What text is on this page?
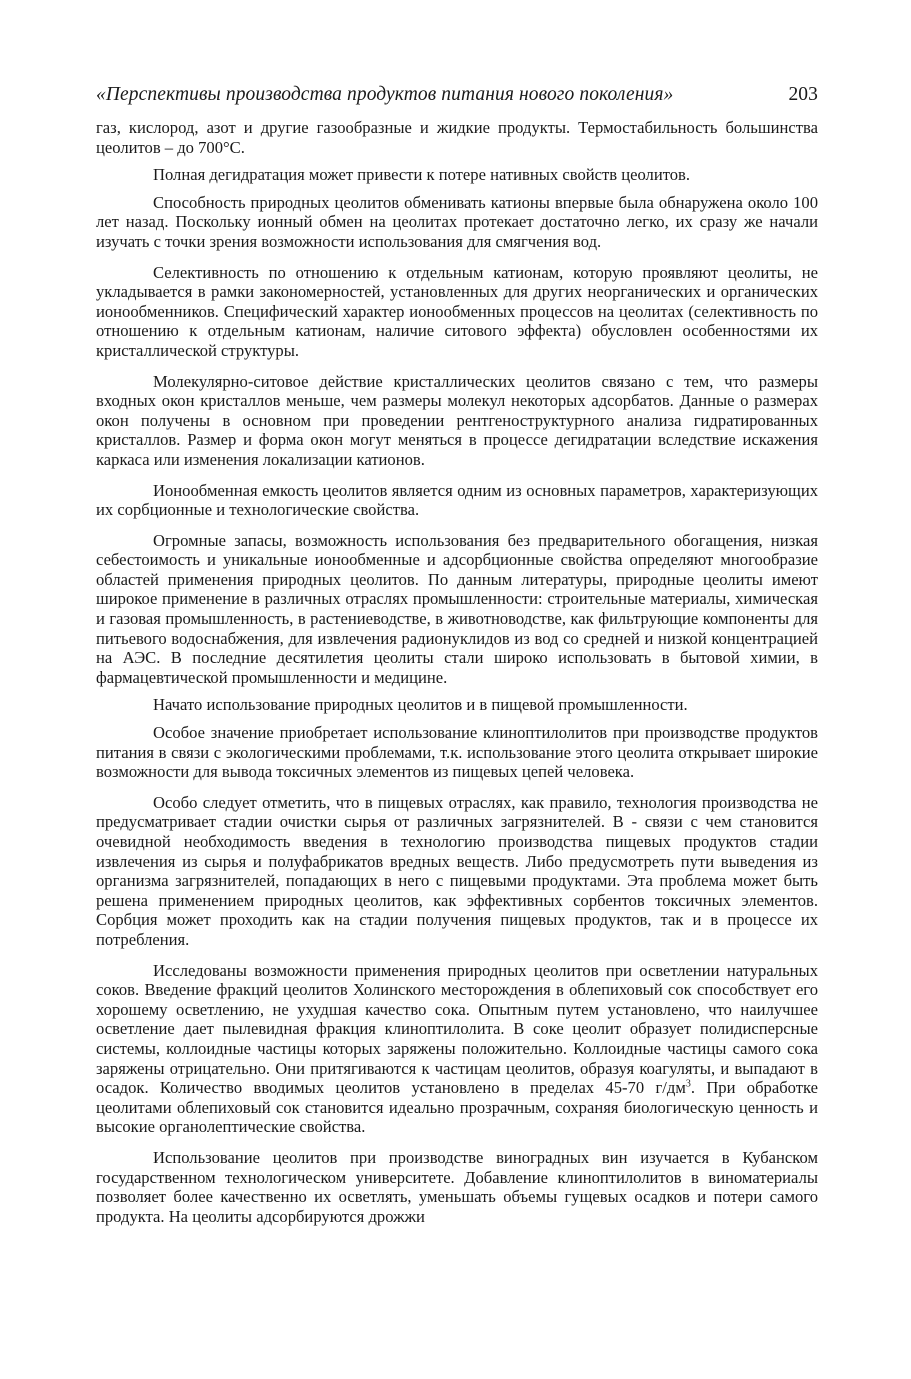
«Перспективы производства продуктов питания нового поколения»	203

газ, кислород, азот и другие газообразные и жидкие продукты. Термостабильность большинства цеолитов – до 700°С.

Полная дегидратация может привести к потере нативных свойств цеолитов.

Способность природных цеолитов обменивать катионы впервые была обнаружена около 100 лет назад. Поскольку ионный обмен на цеолитах протекает достаточно легко, их сразу же начали изучать с точки зрения возможности использования для смягчения вод.

Селективность по отношению к отдельным катионам, которую проявляют цеолиты, не укладывается в рамки закономерностей, установленных для других неорганических и органических ионообменников. Специфический характер ионообменных процессов на цеолитах (селективность по отношению к отдельным катионам, наличие ситового эффекта) обусловлен особенностями их кристаллической структуры.

Молекулярно-ситовое действие кристаллических цеолитов связано с тем, что размеры входных окон кристаллов меньше, чем размеры молекул некоторых адсорбатов. Данные о размерах окон получены в основном при проведении рентгеноструктурного анализа гидратированных кристаллов. Размер и форма окон могут меняться в процессе дегидратации вследствие искажения каркаса или изменения локализации катионов.

Ионообменная емкость цеолитов является одним из основных параметров, характеризующих их сорбционные и технологические свойства.

Огромные запасы, возможность использования без предварительного обогащения, низкая себестоимость и уникальные ионообменные и адсорбционные свойства определяют многообразие областей применения природных цеолитов. По данным литературы, природные цеолиты имеют широкое применение в различных отраслях промышленности: строительные материалы, химическая и газовая промышленность, в растениеводстве, в животноводстве, как фильтрующие компоненты для питьевого водоснабжения, для извлечения радионуклидов из вод со средней и низкой концентрацией на АЭС. В последние десятилетия цеолиты стали широко использовать в бытовой химии, в фармацевтической промышленности и медицине.

Начато использование природных цеолитов и в пищевой промышленности.

Особое значение приобретает использование клиноптилолитов при производстве продуктов питания в связи с экологическими проблемами, т.к. использование этого цеолита открывает широкие возможности для вывода токсичных элементов из пищевых цепей человека.

Особо следует отметить, что в пищевых отраслях, как правило, технология производства не предусматривает стадии очистки сырья от различных загрязнителей. В - связи с чем становится очевидной необходимость введения в технологию производства пищевых продуктов стадии извлечения из сырья и полуфабрикатов вредных веществ. Либо предусмотреть пути выведения из организма загрязнителей, попадающих в него с пищевыми продуктами. Эта проблема может быть решена применением природных цеолитов, как эффективных сорбентов токсичных элементов. Сорбция может проходить как на стадии получения пищевых продуктов, так и в процессе их потребления.

Исследованы возможности применения природных цеолитов при осветлении натуральных соков. Введение фракций цеолитов Холинского месторождения в облепиховый сок способствует его хорошему осветлению, не ухудшая качество сока. Опытным путем установлено, что наилучшее осветление дает пылевидная фракция клиноптилолита. В соке цеолит образует полидисперсные системы, коллоидные частицы которых заряжены положительно. Коллоидные частицы самого сока заряжены отрицательно. Они притягиваются к частицам цеолитов, образуя коагуляты, и выпадают в осадок. Количество вводимых цеолитов установлено в пределах 45-70 $г/дм^3$. При обработке цеолитами облепиховый сок становится идеально прозрачным, сохраняя биологическую ценность и высокие органолептические свойства.

Использование цеолитов при производстве виноградных вин изучается в Кубанском государственном технологическом университете. Добавление клиноптилолитов в виноматериалы позволяет более качественно их осветлять, уменьшать объемы гущевых осадков и потери самого продукта. На цеолиты адсорбируются дрожжи
